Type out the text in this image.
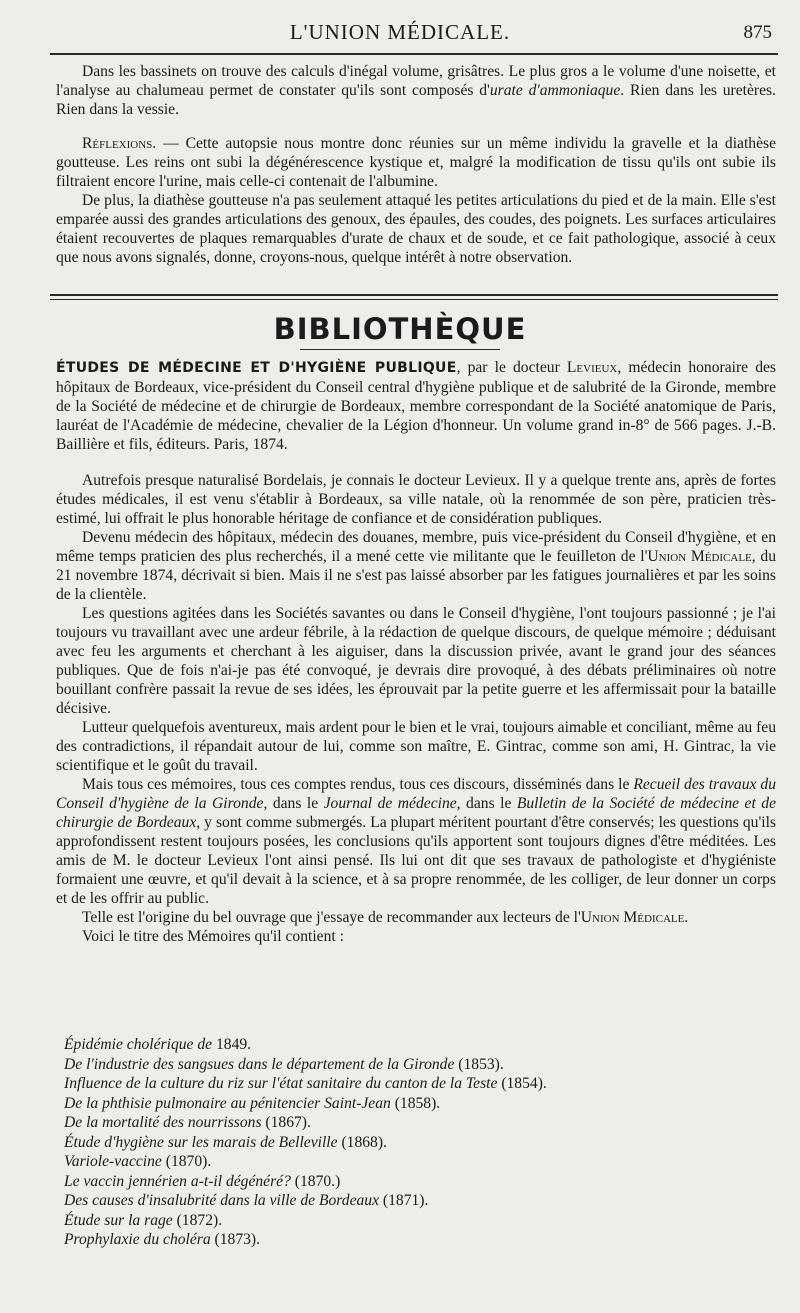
L'UNION MÉDICALE.	875

Dans les bassinets on trouve des calculs d'inégal volume, grisâtres. Le plus gros a le volume d'une noisette, et l'analyse au chalumeau permet de constater qu'ils sont composés d'urate d'ammoniaque. Rien dans les uretères. Rien dans la vessie.

Réflexions. — Cette autopsie nous montre donc réunies sur un même individu la gravelle et la diathèse goutteuse. Les reins ont subi la dégénérescence kystique et, malgré la modification de tissu qu'ils ont subie ils filtraient encore l'urine, mais celle-ci contenait de l'albumine.

De plus, la diathèse goutteuse n'a pas seulement attaqué les petites articulations du pied et de la main. Elle s'est emparée aussi des grandes articulations des genoux, des épaules, des coudes, des poignets. Les surfaces articulaires étaient recouvertes de plaques remarquables d'urate de chaux et de soude, et ce fait pathologique, associé à ceux que nous avons signalés, donne, croyons-nous, quelque intérêt à notre observation.

BIBLIOTHÈQUE

ÉTUDES DE MÉDECINE ET D'HYGIÈNE PUBLIQUE, par le docteur Levieux, médecin honoraire des hôpitaux de Bordeaux, vice-président du Conseil central d'hygiène publique et de salubrité de la Gironde, membre de la Société de médecine et de chirurgie de Bordeaux, membre correspondant de la Société anatomique de Paris, lauréat de l'Académie de médecine, chevalier de la Légion d'honneur. Un volume grand in-8° de 566 pages. J.-B. Baillière et fils, éditeurs. Paris, 1874.

Autrefois presque naturalisé Bordelais, je connais le docteur Levieux. Il y a quelque trente ans, après de fortes études médicales, il est venu s'établir à Bordeaux, sa ville natale, où la renommée de son père, praticien très-estimé, lui offrait le plus honorable héritage de confiance et de considération publiques.

Devenu médecin des hôpitaux, médecin des douanes, membre, puis vice-président du Conseil d'hygiène, et en même temps praticien des plus recherchés, il a mené cette vie militante que le feuilleton de l'Union Médicale, du 21 novembre 1874, décrivait si bien. Mais il ne s'est pas laissé absorber par les fatigues journalières et par les soins de la clientèle.

Les questions agitées dans les Sociétés savantes ou dans le Conseil d'hygiène, l'ont toujours passionné ; je l'ai toujours vu travaillant avec une ardeur fébrile, à la rédaction de quelque discours, de quelque mémoire ; déduisant avec feu les arguments et cherchant à les aiguiser, dans la discussion privée, avant le grand jour des séances publiques. Que de fois n'ai-je pas été convoqué, je devrais dire provoqué, à des débats préliminaires où notre bouillant confrère passait la revue de ses idées, les éprouvait par la petite guerre et les affermissait pour la bataille décisive.

Lutteur quelquefois aventureux, mais ardent pour le bien et le vrai, toujours aimable et conciliant, même au feu des contradictions, il répandait autour de lui, comme son maître, E. Gintrac, comme son ami, H. Gintrac, la vie scientifique et le goût du travail.

Mais tous ces mémoires, tous ces comptes rendus, tous ces discours, disséminés dans le Recueil des travaux du Conseil d'hygiène de la Gironde, dans le Journal de médecine, dans le Bulletin de la Société de médecine et de chirurgie de Bordeaux, y sont comme submergés. La plupart méritent pourtant d'être conservés; les questions qu'ils approfondissent restent toujours posées, les conclusions qu'ils apportent sont toujours dignes d'être méditées. Les amis de M. le docteur Levieux l'ont ainsi pensé. Ils lui ont dit que ses travaux de pathologiste et d'hygiéniste formaient une œuvre, et qu'il devait à la science, et à sa propre renommée, de les colliger, de leur donner un corps et de les offrir au public.

Telle est l'origine du bel ouvrage que j'essaye de recommander aux lecteurs de l'Union Médicale.

Voici le titre des Mémoires qu'il contient :

Épidémie cholérique de 1849.
De l'industrie des sangsues dans le département de la Gironde (1853).
Influence de la culture du riz sur l'état sanitaire du canton de la Teste (1854).
De la phthisie pulmonaire au pénitencier Saint-Jean (1858).
De la mortalité des nourrissons (1867).
Étude d'hygiène sur les marais de Belleville (1868).
Variole-vaccine (1870).
Le vaccin jennérien a-t-il dégénéré? (1870.)
Des causes d'insalubrité dans la ville de Bordeaux (1871).
Étude sur la rage (1872).
Prophylaxie du choléra (1873).
